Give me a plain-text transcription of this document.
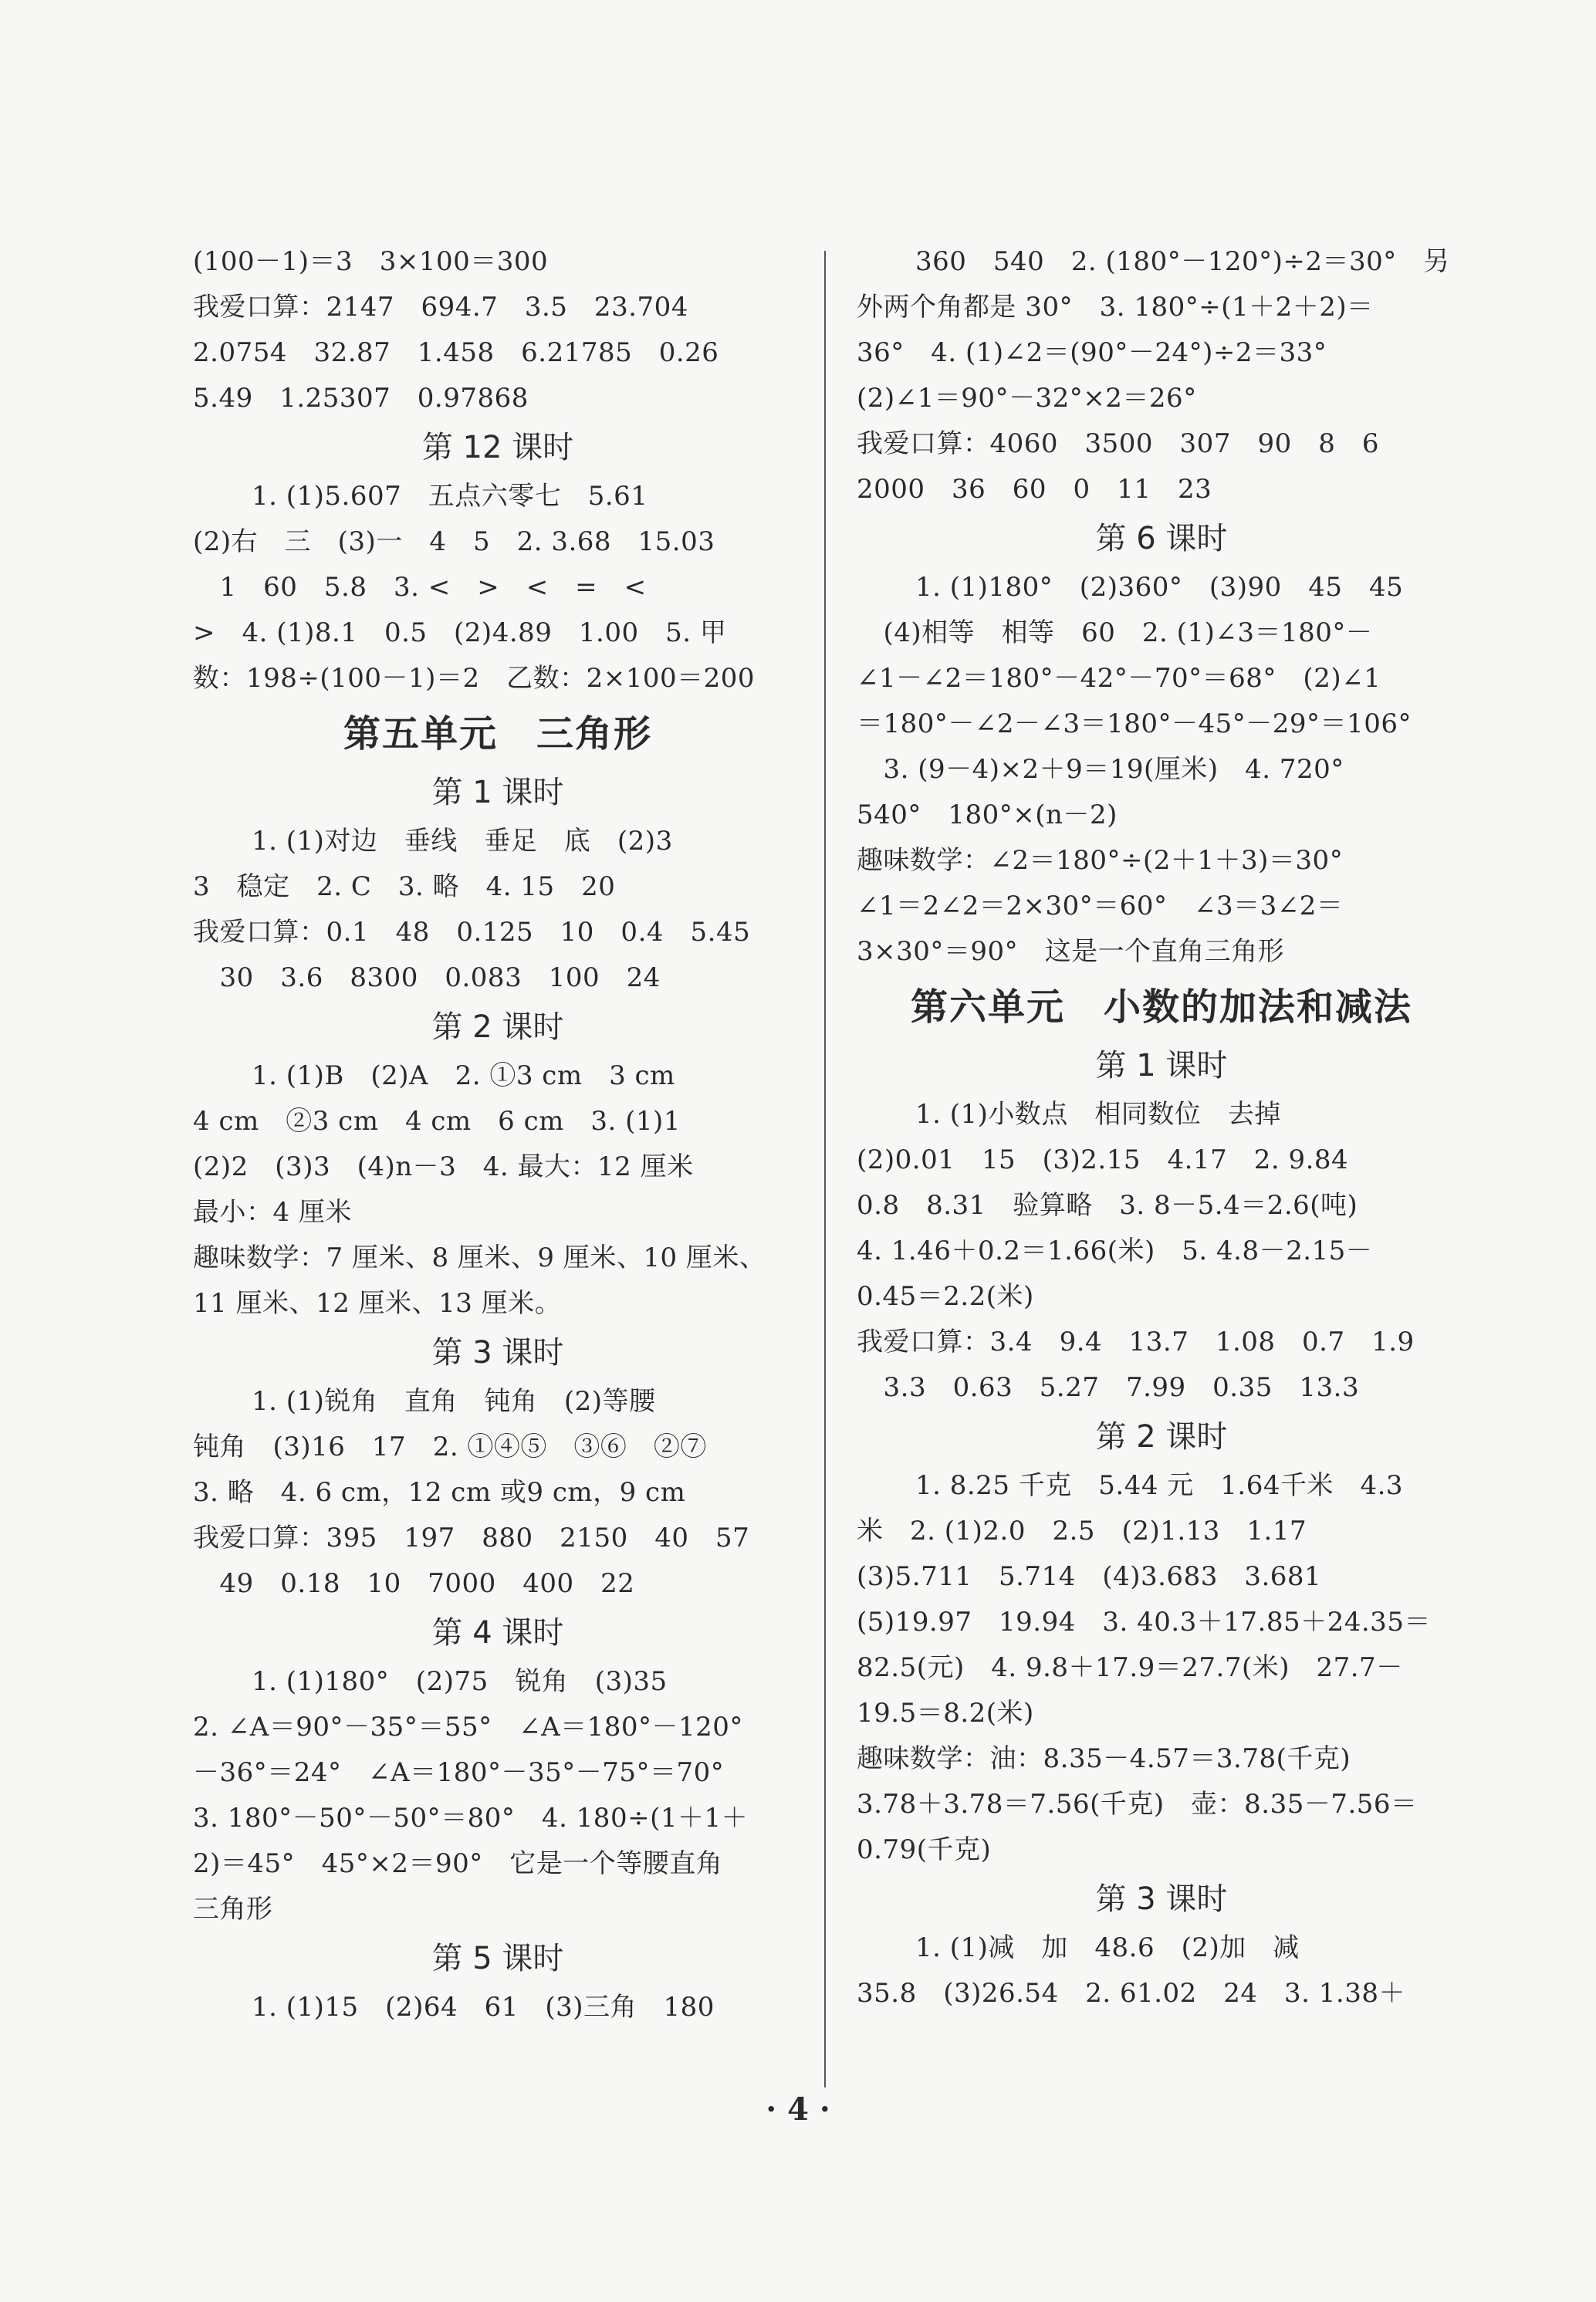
(100－1)＝3　3×100＝300
我爱口算：2147　694.7　3.5　23.704
2.0754　32.87　1.458　6.21785　0.26
5.49　1.25307　0.97868
第 12 课时
1. (1)5.607　五点六零七　5.61
(2)右　三　(3)一　4　5　2. 3.68　15.03
　1　60　5.8　3. <　>　<　=　<
>　4. (1)8.1　0.5　(2)4.89　1.00　5. 甲
数：198÷(100－1)＝2　乙数：2×100＝200
第五单元　三角形
第 1 课时
1. (1)对边　垂线　垂足　底　(2)3
3　稳定　2. C　3. 略　4. 15　20
我爱口算：0.1　48　0.125　10　0.4　5.45
　30　3.6　8300　0.083　100　24
第 2 课时
1. (1)B　(2)A　2. ①3 cm　3 cm
4 cm　②3 cm　4 cm　6 cm　3. (1)1
(2)2　(3)3　(4)n－3　4. 最大：12 厘米
最小：4 厘米
趣味数学：7 厘米、8 厘米、9 厘米、10 厘米、
11 厘米、12 厘米、13 厘米。
第 3 课时
1. (1)锐角　直角　钝角　(2)等腰
钝角　(3)16　17　2. ①④⑤　③⑥　②⑦
3. 略　4. 6 cm，12 cm 或9 cm，9 cm
我爱口算：395　197　880　2150　40　57
　49　0.18　10　7000　400　22
第 4 课时
1. (1)180°　(2)75　锐角　(3)35
2. ∠A＝90°－35°＝55°　∠A＝180°－120°
－36°＝24°　∠A＝180°－35°－75°＝70°
3. 180°－50°－50°＝80°　4. 180÷(1＋1＋
2)＝45°　45°×2＝90°　它是一个等腰直角
三角形
第 5 课时
1. (1)15　(2)64　61　(3)三角　180
360　540　2. (180°－120°)÷2＝30°　另
外两个角都是 30°　3. 180°÷(1＋2＋2)＝
36°　4. (1)∠2＝(90°－24°)÷2＝33°
(2)∠1＝90°－32°×2＝26°
我爱口算：4060　3500　307　90　8　6
2000　36　60　0　11　23
第 6 课时
1. (1)180°　(2)360°　(3)90　45　45
　(4)相等　相等　60　2. (1)∠3＝180°－
∠1－∠2＝180°－42°－70°＝68°　(2)∠1
＝180°－∠2－∠3＝180°－45°－29°＝106°
　3. (9－4)×2＋9＝19(厘米)　4. 720°
540°　180°×(n－2)
趣味数学：∠2＝180°÷(2＋1＋3)＝30°
∠1＝2∠2＝2×30°＝60°　∠3＝3∠2＝
3×30°＝90°　这是一个直角三角形
第六单元　小数的加法和减法
第 1 课时
1. (1)小数点　相同数位　去掉
(2)0.01　15　(3)2.15　4.17　2. 9.84
0.8　8.31　验算略　3. 8－5.4＝2.6(吨)
4. 1.46＋0.2＝1.66(米)　5. 4.8－2.15－
0.45＝2.2(米)
我爱口算：3.4　9.4　13.7　1.08　0.7　1.9
　3.3　0.63　5.27　7.99　0.35　13.3
第 2 课时
1. 8.25 千克　5.44 元　1.64千米　4.3
米　2. (1)2.0　2.5　(2)1.13　1.17
(3)5.711　5.714　(4)3.683　3.681
(5)19.97　19.94　3. 40.3＋17.85＋24.35＝
82.5(元)　4. 9.8＋17.9＝27.7(米)　27.7－
19.5＝8.2(米)
趣味数学：油：8.35－4.57＝3.78(千克)
3.78＋3.78＝7.56(千克)　壶：8.35－7.56＝
0.79(千克)
第 3 课时
1. (1)减　加　48.6　(2)加　减
35.8　(3)26.54　2. 61.02　24　3. 1.38＋
· 4 ·
